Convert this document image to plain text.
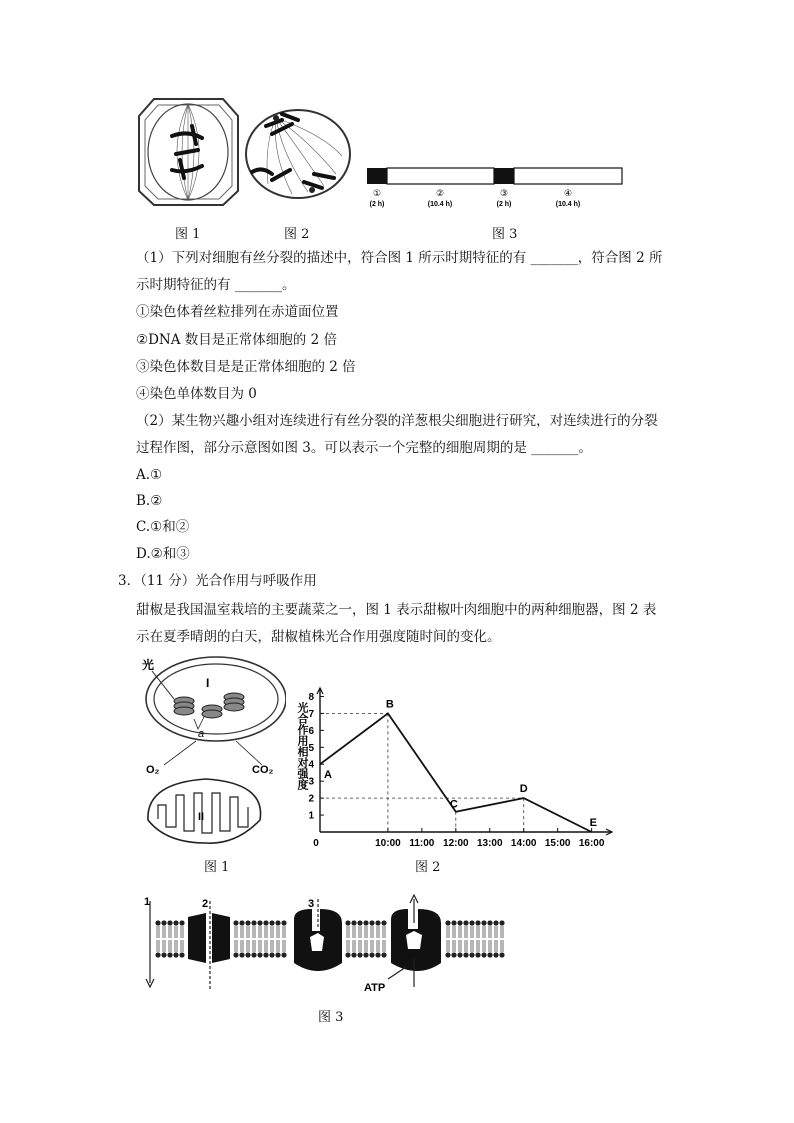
①
(2 h)
②
(10.4 h)
③
(2 h)
④
(10.4 h)
图 1	图 2	图 3
（1）下列对细胞有丝分裂的描述中，符合图 1 所示时期特征的有 _______，符合图 2 所
示时期特征的有 _______。
①染色体着丝粒排列在赤道面位置
②DNA 数目是正常体细胞的 2 倍
③染色体数目是是正常体细胞的 2 倍
④染色单体数目为 0
（2）某生物兴趣小组对连续进行有丝分裂的洋葱根尖细胞进行研究，对连续进行的分裂
过程作图，部分示意图如图 3。可以表示一个完整的细胞周期的是 _______。
A.①
B.②
C.①和②
D.②和③
3．（11 分）光合作用与呼吸作用
甜椒是我国温室栽培的主要蔬菜之一，图 1 表示甜椒叶肉细胞中的两种细胞器，图 2 表
示在夏季晴朗的白天，甜椒植株光合作用强度随时间的变化。
光
I
a
O₂	CO₂
II
0
1
2
3
4
5
6
7
8
10:00 11:00 12:00 13:00 14:00 15:00 16:00
A
B
C
D
E
光合作用相对强度
图 1	图 2
1	2	3
ATP
图 3
